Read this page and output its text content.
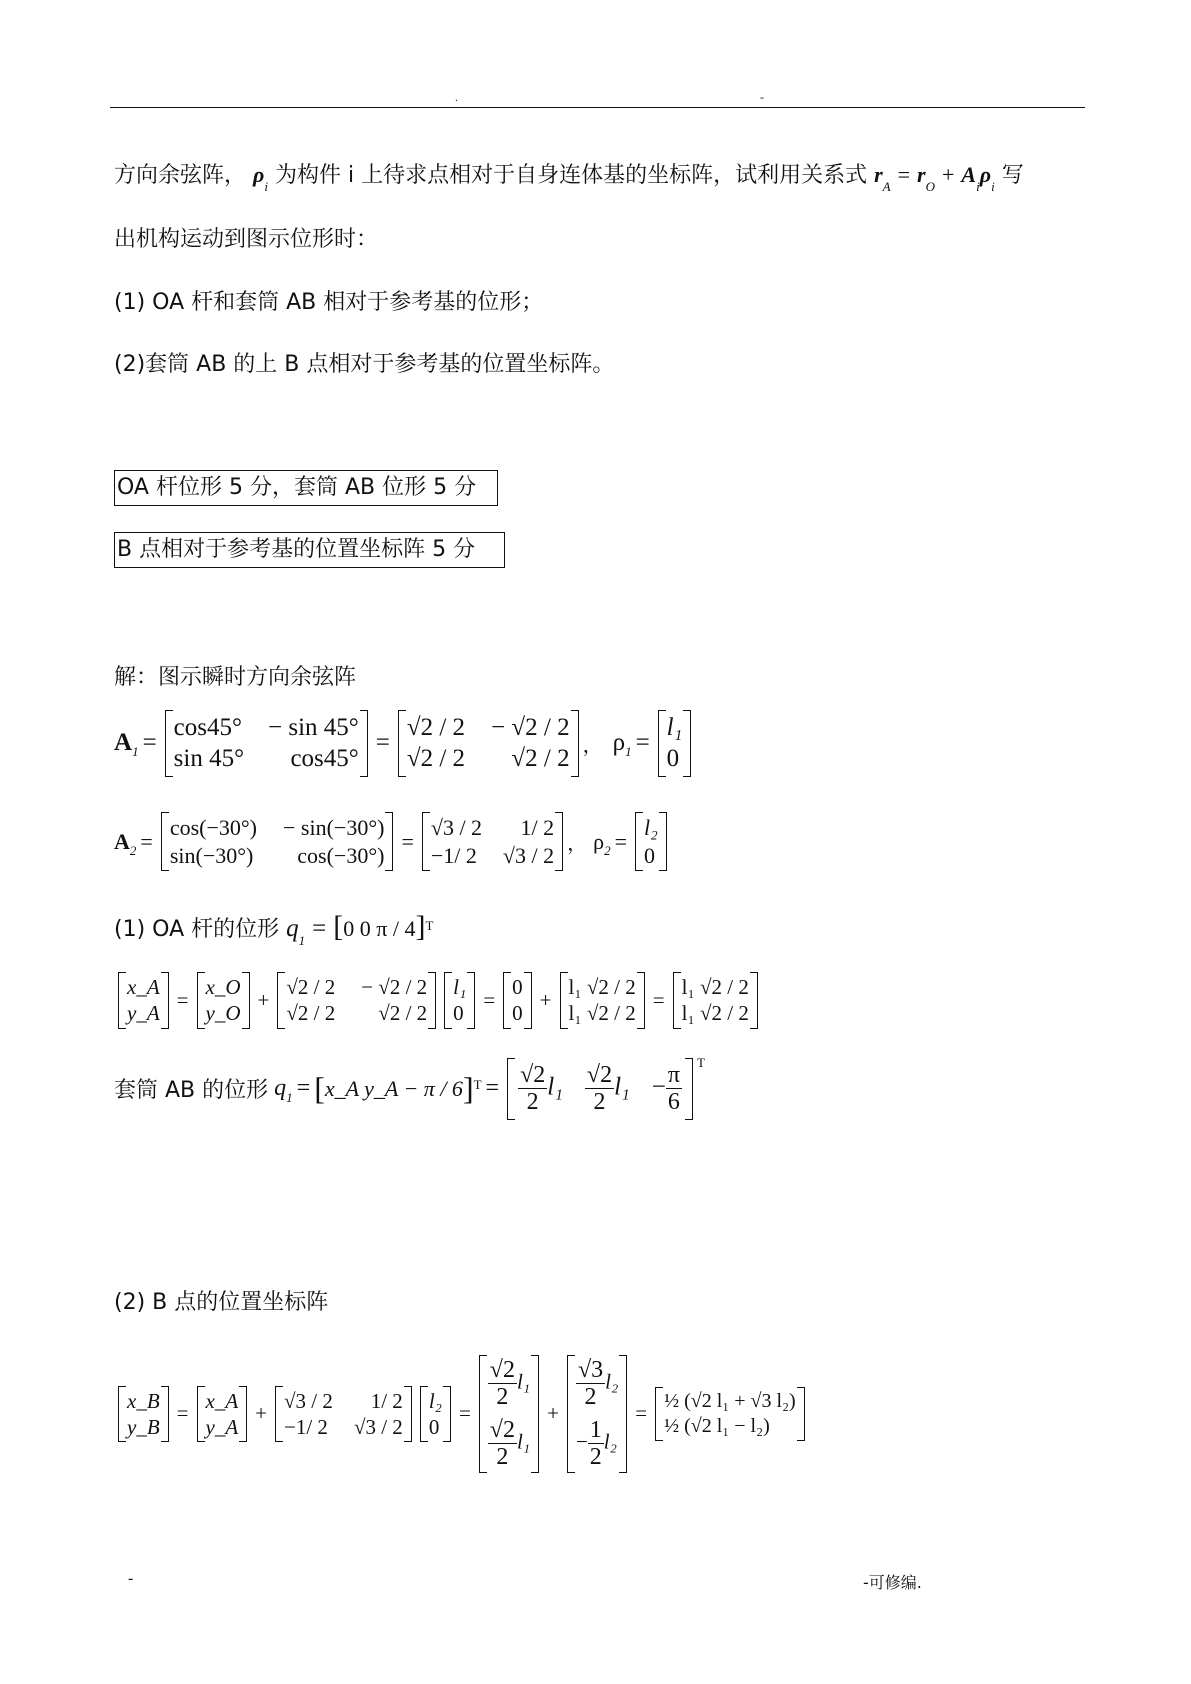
.	-
方向余弦阵， $\rho_i$ 为构件 i 上待求点相对于自身连体基的坐标阵，试利用关系式 $r_A = r_O + A_i\rho_i$ 写
出机构运动到图示位形时：
(1) OA 杆和套筒 AB 相对于参考基的位形；
(2)套筒 AB 的上 B 点相对于参考基的位置坐标阵。
OA 杆位形 5 分，套筒 AB 位形 5 分
B 点相对于参考基的位置坐标阵 5 分
解：图示瞬时方向余弦阵
A 1 =
cos45° − sin 45°
sin 45° cos45°
=
√2 / 2 − √2 / 2
√2 / 2 √2 / 2
， ρ 1 =
l₁
0
A 2 =
cos(−30°) − sin(−30°)
sin(−30°) cos(−30°)
=
√3 / 2 1/ 2
−1/ 2 √3 / 2 ， ρ 2 =
l₂
0
(1) OA 杆的位形 $q_1 = [0$ 0 π / 4]$^T$
x_A
y_A
=
x_O
y_O
+
√2 / 2 − √2 / 2
√2 / 2 √2 / 2
l₁
0
=
0
0
+
l₁ √2 / 2
l₁ √2 / 2
=
l₁ √2 / 2
l₁ √2 / 2
套筒 AB 的位形 q 1 = [ x_A y_A − π / 6 ] $T = \frac{√2}{2} l_1 \frac{√2}{2} l_1 - \frac{\pi}{6}$ T
(2) B 点的位置坐标阵
x_B
y_B
=
x_A
y_A
+
√3 / 2 1/ 2
−1/ 2 √3 / 2
l₂
0
=
$\frac{√2}{2} l_1$
$\frac{√2}{2} l_1$
+
$\frac{√3}{2} l_2$
− $\frac{1}{2} l_2$
=
½ (√2 l₁ + √3 l₂)
½ (√2 l₁ − l₂)
-	-可修编.
